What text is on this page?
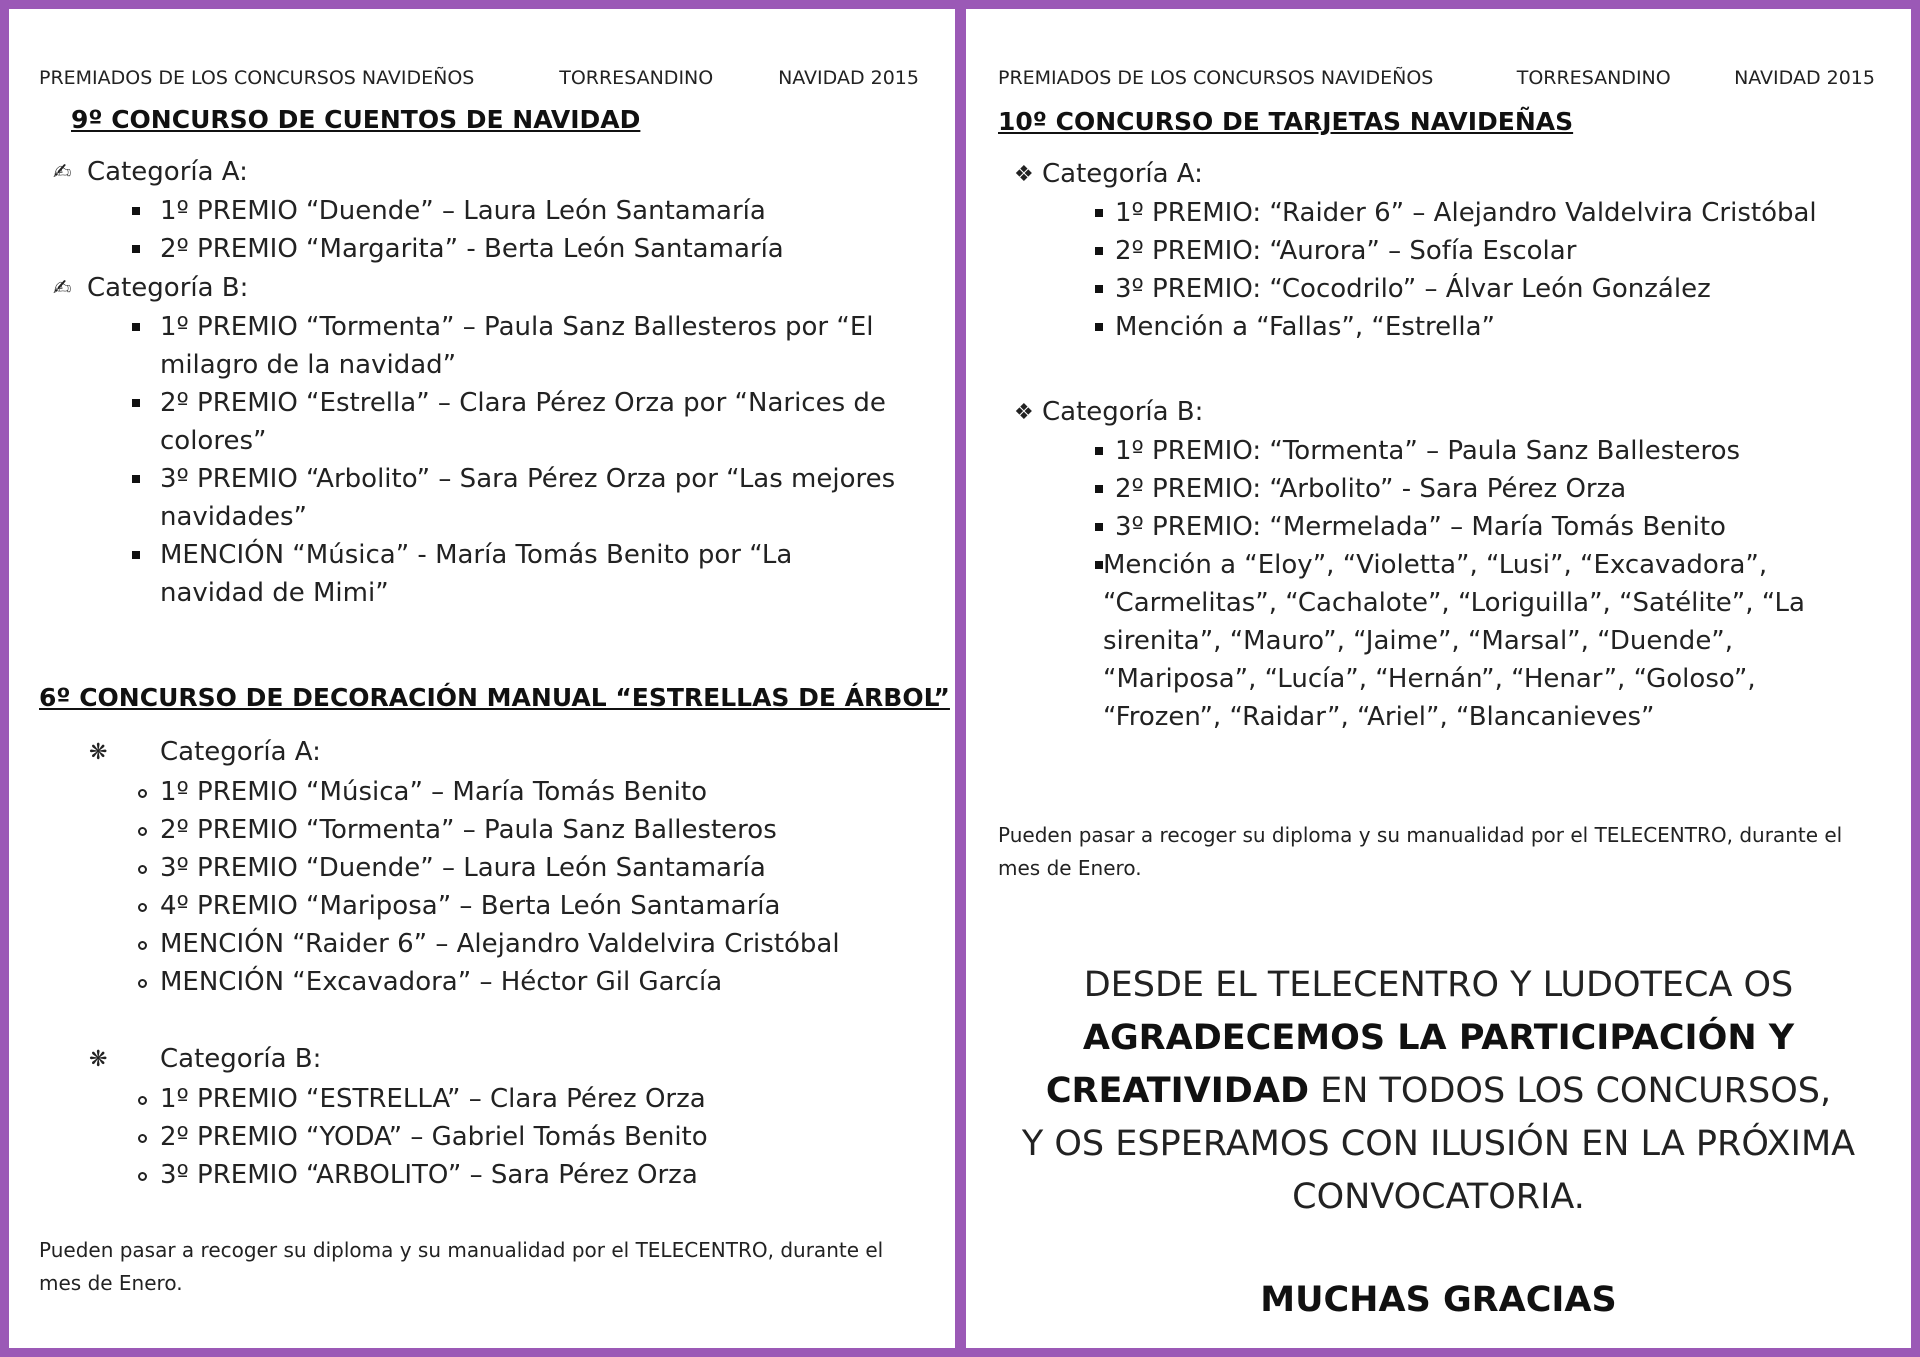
PREMIADOS DE LOS CONCURSOS NAVIDEÑOS	TORRESANDINO	NAVIDAD 2015
9º CONCURSO DE CUENTOS DE NAVIDAD
✍ Categoría A:
1º PREMIO “Duende” – Laura León Santamaría
2º PREMIO “Margarita” - Berta León Santamaría
✍ Categoría B:
1º PREMIO “Tormenta” – Paula Sanz Ballesteros por “El milagro de la navidad”
2º PREMIO “Estrella” – Clara Pérez Orza por “Narices de colores”
3º PREMIO “Arbolito” – Sara Pérez Orza por “Las mejores navidades”
MENCIÓN “Música” - María Tomás Benito por “La navidad de Mimi”
6º CONCURSO DE DECORACIÓN MANUAL “ESTRELLAS DE ÁRBOL”
❋	Categoría A:
1º PREMIO “Música” – María Tomás Benito
2º PREMIO “Tormenta” – Paula Sanz Ballesteros
3º PREMIO “Duende” – Laura León Santamaría
4º PREMIO “Mariposa” – Berta León Santamaría
MENCIÓN “Raider 6” – Alejandro Valdelvira Cristóbal
MENCIÓN “Excavadora” – Héctor Gil García
❋	Categoría B:
1º PREMIO “ESTRELLA” – Clara Pérez Orza
2º PREMIO “YODA” – Gabriel Tomás Benito
3º PREMIO “ARBOLITO” – Sara Pérez Orza
Pueden pasar a recoger su diploma y su manualidad por el TELECENTRO, durante el mes de Enero.
PREMIADOS DE LOS CONCURSOS NAVIDEÑOS	TORRESANDINO	NAVIDAD 2015
10º CONCURSO DE TARJETAS NAVIDEÑAS
❖ Categoría A:
1º PREMIO: “Raider 6” – Alejandro Valdelvira Cristóbal
2º PREMIO: “Aurora” – Sofía Escolar
3º PREMIO: “Cocodrilo” – Álvar León González
Mención a “Fallas”, “Estrella”
❖ Categoría B:
1º PREMIO: “Tormenta” – Paula Sanz Ballesteros
2º PREMIO: “Arbolito” - Sara Pérez Orza
3º PREMIO: “Mermelada” – María Tomás Benito
Mención a “Eloy”, “Violetta”, “Lusi”, “Excavadora”, “Carmelitas”, “Cachalote”, “Loriguilla”, “Satélite”, “La sirenita”, “Mauro”, “Jaime”, “Marsal”, “Duende”, “Mariposa”, “Lucía”, “Hernán”, “Henar”, “Goloso”, “Frozen”, “Raidar”, “Ariel”, “Blancanieves”
Pueden pasar a recoger su diploma y su manualidad por el TELECENTRO, durante el mes de Enero.
DESDE EL TELECENTRO Y LUDOTECA OS
AGRADECEMOS LA PARTICIPACIÓN Y
CREATIVIDAD EN TODOS LOS CONCURSOS,
Y OS ESPERAMOS CON ILUSIÓN EN LA PRÓXIMA
CONVOCATORIA.
MUCHAS GRACIAS
